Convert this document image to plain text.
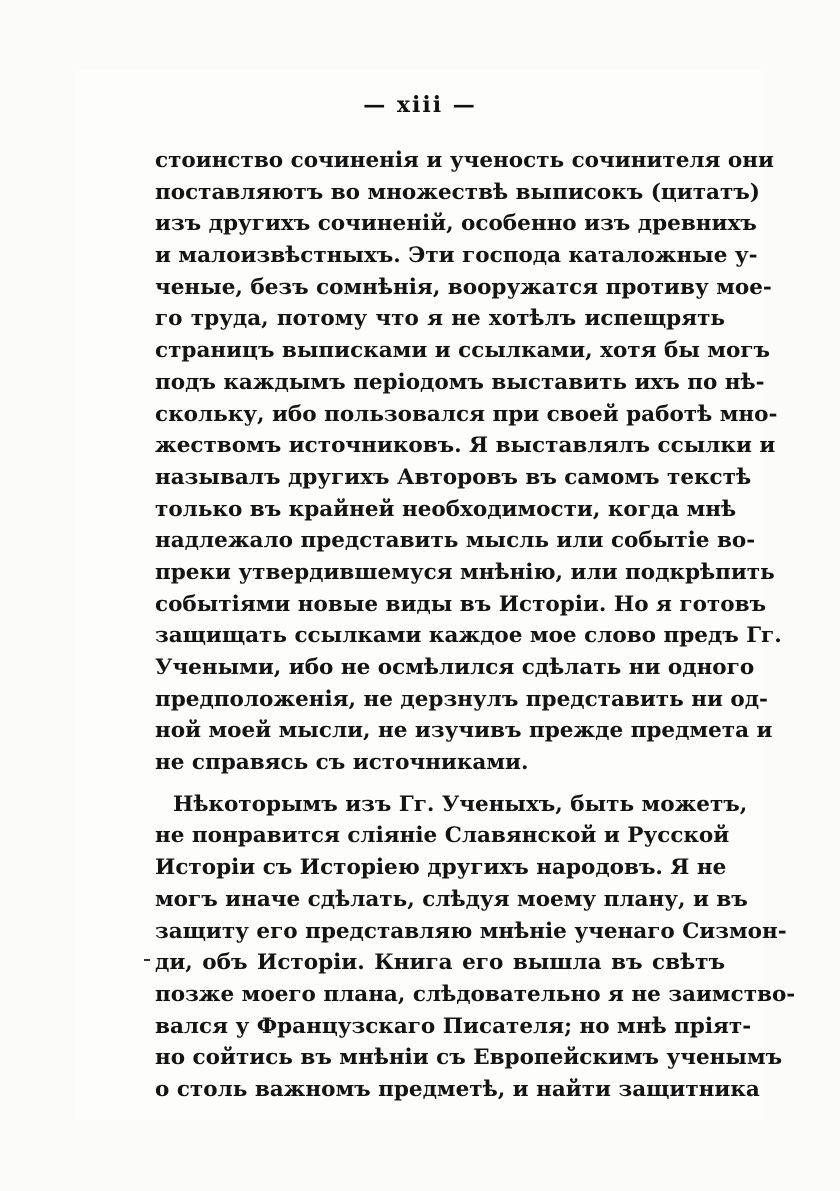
— xiii —
стоинство сочиненія и ученость сочинителя они
поставляютъ во множествѣ выписокъ (цитатъ)
изъ другихъ сочиненій, особенно изъ древнихъ
и малоизвѣстныхъ. Эти господа каталожные у-
ченые, безъ сомнѣнія, вооружатся противу мое-
го труда, потому что я не хотѣлъ испещрять
страницъ выписками и ссылками, хотя бы могъ
подъ каждымъ періодомъ выставить ихъ по нѣ-
скольку, ибо пользовался при своей работѣ мно-
жествомъ источниковъ. Я выставлялъ ссылки и
называлъ другихъ Авторовъ въ самомъ текстѣ
только въ крайней необходимости, когда мнѣ
надлежало представить мысль или событіе во-
преки утвердившемуся мнѣнію, или подкрѣпить
событіями новые виды въ Исторіи. Но я готовъ
защищать ссылками каждое мое слово предъ Гг.
Учеными, ибо не осмѣлился сдѣлать ни одного
предположенія, не дерзнулъ представить ни од-
ной моей мысли, не изучивъ прежде предмета и
не справясь съ источниками.
Нѣкоторымъ изъ Гг. Ученыхъ, быть можетъ,
не понравится сліяніе Славянской и Русской
Исторіи съ Исторіею другихъ народовъ. Я не
могъ иначе сдѣлать, слѣдуя моему плану, и въ
защиту его представляю мнѣніе ученаго Сизмон-
ди, объ Исторіи. Книга его вышла въ свѣтъ
позже моего плана, слѣдовательно я не заимство-
вался у Французскаго Писателя; но мнѣ пріят-
но сойтись въ мнѣніи съ Европейскимъ ученымъ
о столь важномъ предметѣ, и найти защитника
